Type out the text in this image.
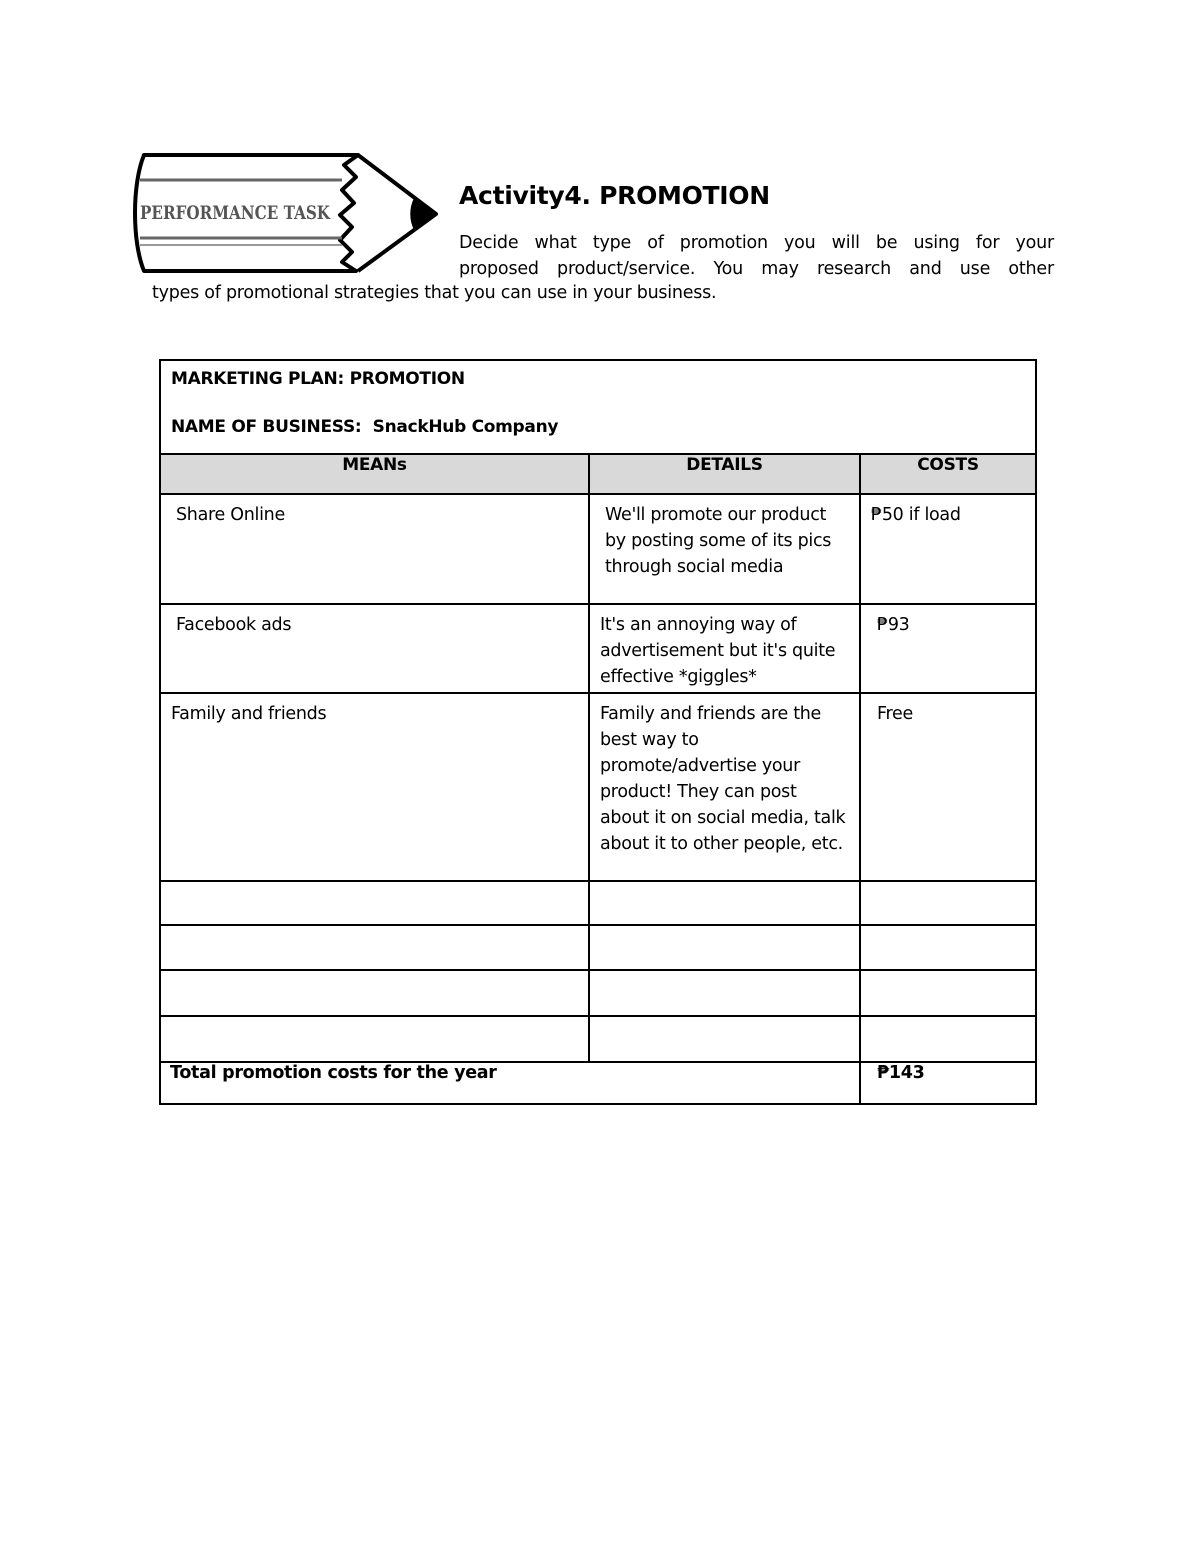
PERFORMANCE TASK
Activity4. PROMOTION
Decide what type of promotion you will be using for your
proposed product/service. You may research and use other
types of promotional strategies that you can use in your business.
MARKETING PLAN: PROMOTION
NAME OF BUSINESS: SnackHub Company		

MEANs	DETAILS	COSTS

Share Online	We'll promote our product by posting some of its pics through social media	₱50 if load

Facebook ads	It's an annoying way of advertisement but it's quite effective *giggles*	₱93

Family and friends	Family and friends are the best way to promote/advertise your product! They can post about it on social media, talk about it to other people, etc.	Free

Total promotion costs for the year		₱143
